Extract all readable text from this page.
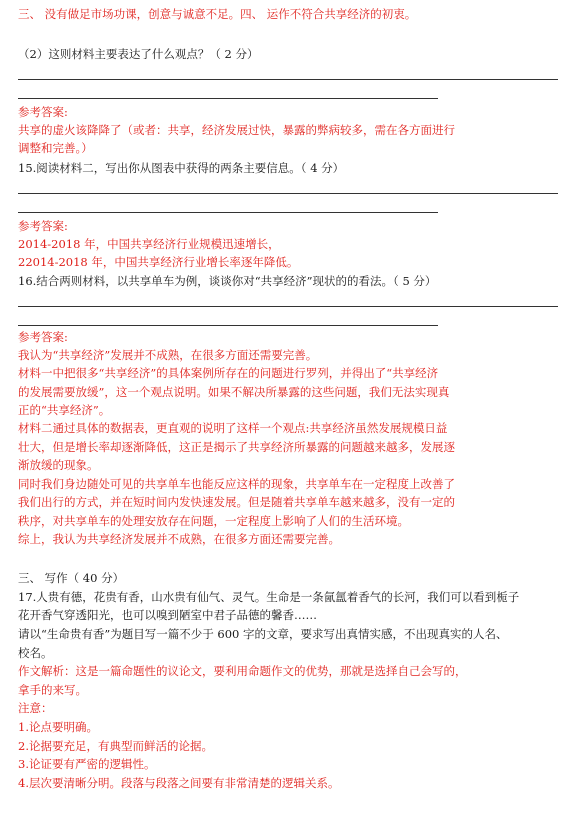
三、 没有做足市场功课，创意与诚意不足。四、 运作不符合共享经济的初衷。
（2）这则材料主要表达了什么观点？（ 2 分）
参考答案:
共享的虚火该降降了（或者：共享，经济发展过快，暴露的弊病较多，需在各方面进行
调整和完善。）
15.阅读材料二，写出你从图表中获得的两条主要信息。（ 4 分）
参考答案:
2014-2018 年，中国共享经济行业规模迅速增长，
22014-2018 年，中国共享经济行业增长率逐年降低。
16.结合两则材料，以共享单车为例，谈谈你对“共享经济”现状的的看法。（ 5 分）
参考答案:
我认为“共享经济”发展并不成熟，在很多方面还需要完善。
材料一中把很多“共享经济”的具体案例所存在的问题进行罗列，并得出了“共享经济
的发展需要放缓”，这一个观点说明。如果不解决所暴露的这些问题，我们无法实现真
正的“共享经济”。
材料二通过具体的数据表，更直观的说明了这样一个观点:共享经济虽然发展规模日益
壮大，但是增长率却逐渐降低，这正是揭示了共享经济所暴露的问题越来越多，发展逐
渐放缓的现象。
同时我们身边随处可见的共享单车也能反应这样的现象，共享单车在一定程度上改善了
我们出行的方式，并在短时间内发快速发展。但是随着共享单车越来越多，没有一定的
秩序，对共享单车的处理安放存在问题，一定程度上影响了人们的生活环境。
综上，我认为共享经济发展并不成熟，在很多方面还需要完善。
三、 写作（ 40 分）
17.人贵有德，花贵有香，山水贵有仙气、灵气。生命是一条氤氲着香气的长河，我们可以看到栀子
花开香气穿透阳光，也可以嗅到陋室中君子品德的馨香……
请以“生命贵有香”为题目写一篇不少于 600 字的文章，要求写出真情实感，不出现真实的人名、
校名。
作文解析：这是一篇命题性的议论文，要利用命题作文的优势，那就是选择自己会写的，
拿手的来写。
注意：
1.论点要明确。
2.论据要充足，有典型而鲜活的论据。
3.论证要有严密的逻辑性。
4.层次要清晰分明。段落与段落之间要有非常清楚的逻辑关系。
